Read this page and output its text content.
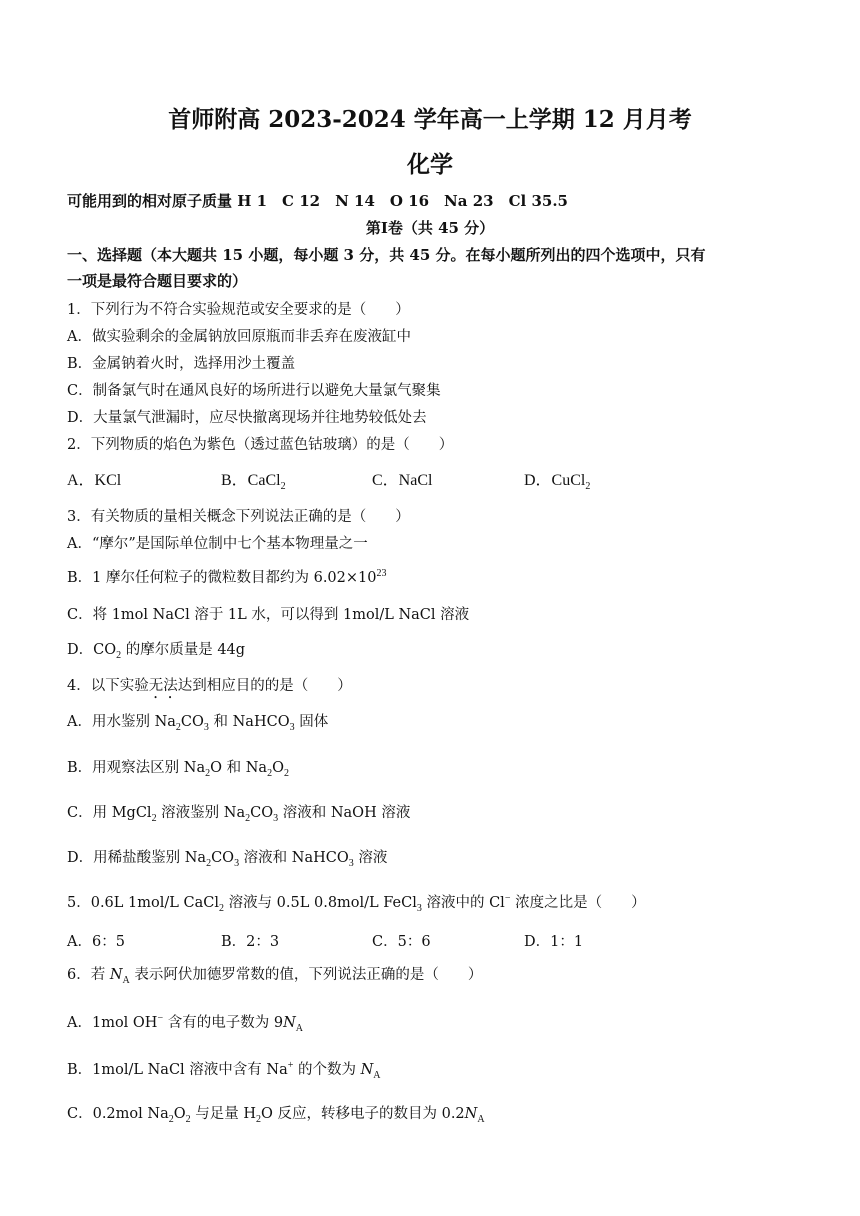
首师附高 2023-2024 学年高一上学期 12 月月考
化学
可能用到的相对原子质量 H 1　C 12　N 14　O 16　Na 23　Cl 35.5
第Ⅰ卷（共 45 分）
一、选择题（本大题共 15 小题，每小题 3 分，共 45 分。在每小题所列出的四个选项中，只有
一项是最符合题目要求的）
1．下列行为不符合实验规范或安全要求的是（　　）
A．做实验剩余的金属钠放回原瓶而非丢弃在废液缸中
B．金属钠着火时，选择用沙土覆盖
C．制备氯气时在通风良好的场所进行以避免大量氯气聚集
D．大量氯气泄漏时，应尽快撤离现场并往地势较低处去
2．下列物质的焰色为紫色（透过蓝色钴玻璃）的是（　　）
A．KCl	B．CaCl$_2$	C．NaCl	D．CuCl$_2$
3．有关物质的量相关概念下列说法正确的是（　　）
A．“摩尔”是国际单位制中七个基本物理量之一
B．1 摩尔任何粒子的微粒数目都约为 $6.02\times 10^{23}$
C．将 1mol NaCl 溶于 1L 水，可以得到 1mol/L NaCl 溶液
D．$CO_2$ 的摩尔质量是 44g
4．以下实验无法达到相应目的的是（　　）
A．用水鉴别 $Na_2CO_3$ 和 NaHCO$_3$ 固体
B．用观察法区别 $Na_2O$ 和 $Na_2O_2$
C．用 MgCl$_2$ 溶液鉴别 $Na_2CO_3$ 溶液和 NaOH 溶液
D．用稀盐酸鉴别 $Na_2CO_3$ 溶液和 NaHCO$_3$ 溶液
5．0.6L 1mol/L CaCl$_2$ 溶液与 0.5L 0.8mol/L FeCl$_3$ 溶液中的 Cl− 浓度之比是（　　）
A．6：5	B．2：3	C．5：6	D．1：1
6．若 $N_A$ 表示阿伏加德罗常数的值，下列说法正确的是（　　）
A．1mol OH− 含有的电子数为 $9N_A$
B．1mol/L NaCl 溶液中含有 Na+ 的个数为 $N_A$
C．0.2mol $Na_2O_2$ 与足量 $H_2O$ 反应，转移电子的数目为 $0.2N_A$
